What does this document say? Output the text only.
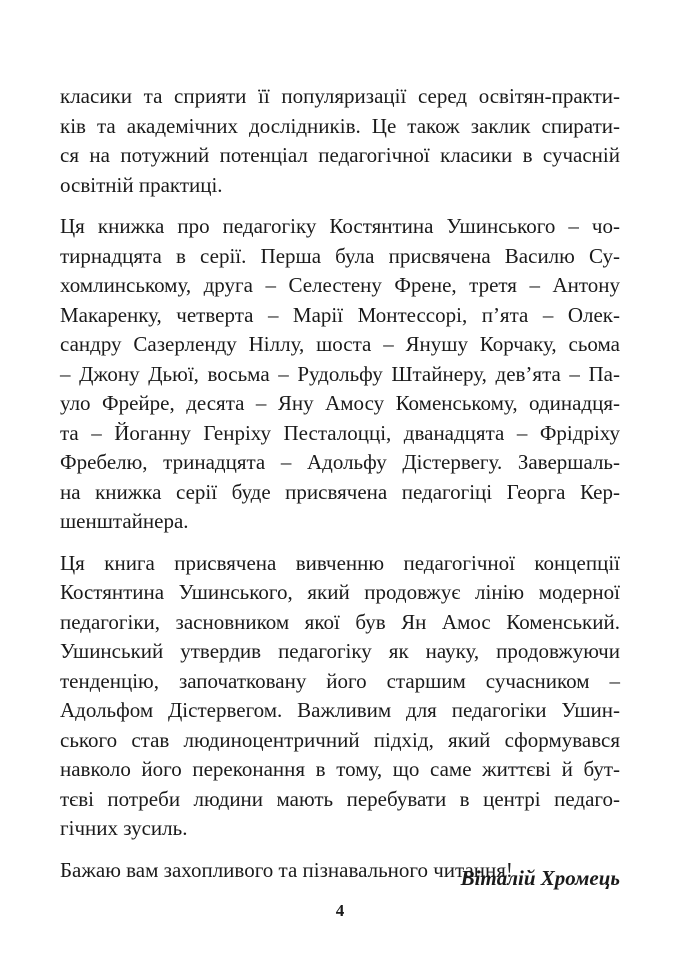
класики та сприяти її популяризації серед освітян-практи-
ків та академічних дослідників. Це також заклик спирати-
ся на потужний потенціал педагогічної класики в сучасній
освітній практиці.
Ця книжка про педагогіку Костянтина Ушинського – чо-
тирнадцята в серії. Перша була присвячена Василю Су-
хомлинському, друга – Селестену Френе, третя – Антону
Макаренку, четверта – Марії Монтессорі, п’ята – Олек-
сандру Сазерленду Ніллу, шоста – Янушу Корчаку, сьома
– Джону Дьюї, восьма – Рудольфу Штайнеру, дев’ята – Па-
уло Фрейре, десята – Яну Амосу Коменському, одинадця-
та – Йоганну Генріху Песталоцці, дванадцята – Фрідріху
Фребелю, тринадцята – Адольфу Дістервегу. Завершаль-
на книжка серії буде присвячена педагогіці Георга Кер-
шенштайнера.
Ця книга присвячена вивченню педагогічної концепції
Костянтина Ушинського, який продовжує лінію модерної
педагогіки, засновником якої був Ян Амос Коменський.
Ушинський утвердив педагогіку як науку, продовжуючи
тенденцію, започатковану його старшим сучасником –
Адольфом Дістервегом. Важливим для педагогіки Ушин-
ського став людиноцентричний підхід, який сформувався
навколо його переконання в тому, що саме життєві й бут-
тєві потреби людини мають перебувати в центрі педаго-
гічних зусиль.
Бажаю вам захопливого та пізнавального читання!
Віталій Хромець
4
